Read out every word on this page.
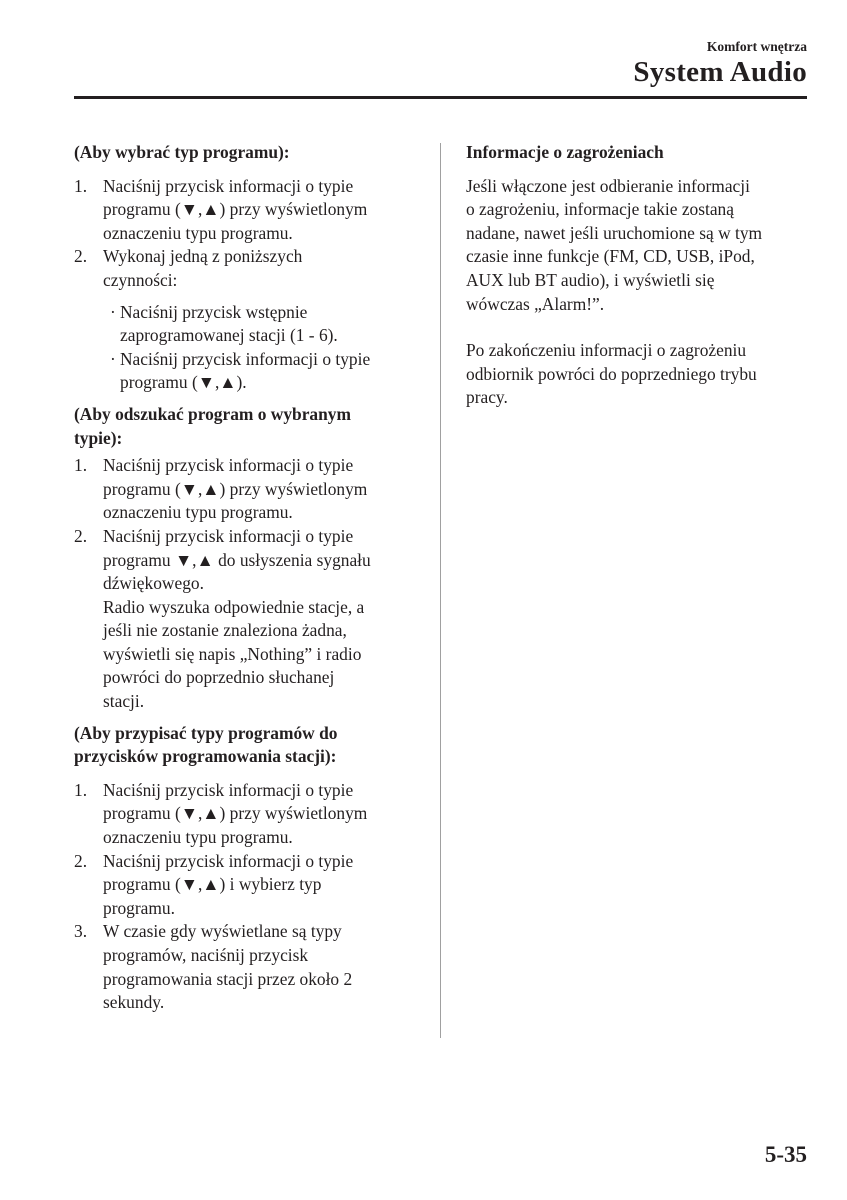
Komfort wnętrza
System Audio

(Aby wybrać typ programu):

1. Naciśnij przycisk informacji o typie
programu (▼,▲) przy wyświetlonym
oznaczeniu typu programu.
2. Wykonaj jedną z poniższych
czynności:
· Naciśnij przycisk wstępnie
zaprogramowanej stacji (1 - 6).
· Naciśnij przycisk informacji o typie
programu (▼,▲).

(Aby odszukać program o wybranym
typie):

1. Naciśnij przycisk informacji o typie
programu (▼,▲) przy wyświetlonym
oznaczeniu typu programu.
2. Naciśnij przycisk informacji o typie
programu ▼,▲ do usłyszenia sygnału
dźwiękowego.
Radio wyszuka odpowiednie stacje, a
jeśli nie zostanie znaleziona żadna,
wyświetli się napis „Nothing” i radio
powróci do poprzednio słuchanej
stacji.

(Aby przypisać typy programów do
przycisków programowania stacji):

1. Naciśnij przycisk informacji o typie
programu (▼,▲) przy wyświetlonym
oznaczeniu typu programu.
2. Naciśnij przycisk informacji o typie
programu (▼,▲) i wybierz typ
programu.
3. W czasie gdy wyświetlane są typy
programów, naciśnij przycisk
programowania stacji przez około 2
sekundy.

Informacje o zagrożeniach

Jeśli włączone jest odbieranie informacji
o zagrożeniu, informacje takie zostaną
nadane, nawet jeśli uruchomione są w tym
czasie inne funkcje (FM, CD, USB, iPod,
AUX lub BT audio), i wyświetli się
wówczas „Alarm!”.

Po zakończeniu informacji o zagrożeniu
odbiornik powróci do poprzedniego trybu
pracy.

5-35
